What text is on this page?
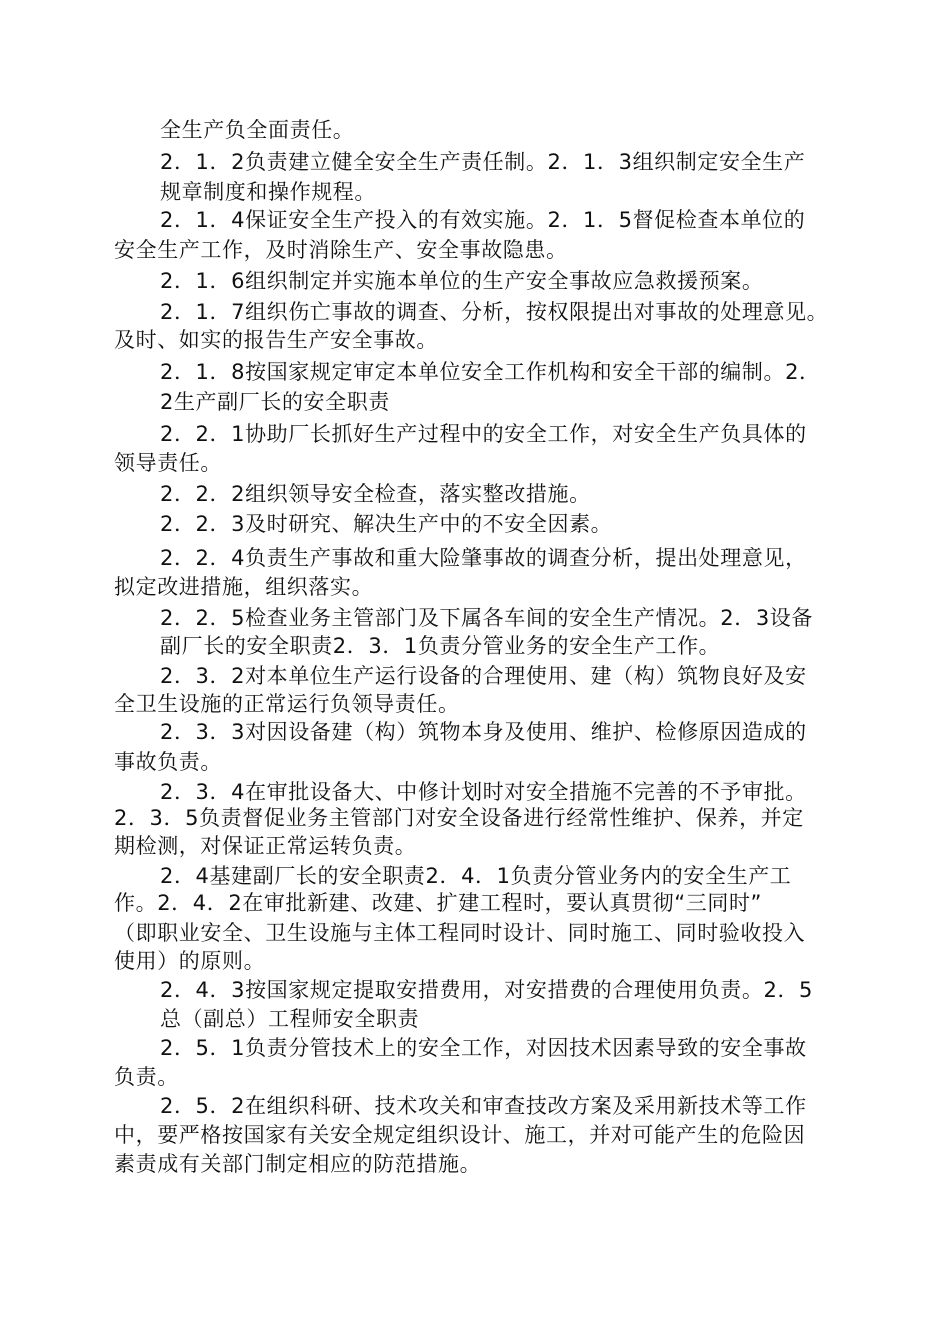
全生产负全面责任。
2．1．2负责建立健全安全生产责任制。2．1．3组织制定安全生产
规章制度和操作规程。
2．1．4保证安全生产投入的有效实施。2．1．5督促检查本单位的
安全生产工作，及时消除生产、安全事故隐患。
2．1．6组织制定并实施本单位的生产安全事故应急救援预案。
2．1．7组织伤亡事故的调查、分析，按权限提出对事故的处理意见。
及时、如实的报告生产安全事故。
2．1．8按国家规定审定本单位安全工作机构和安全干部的编制。2．
2生产副厂长的安全职责
2．2．1协助厂长抓好生产过程中的安全工作，对安全生产负具体的
领导责任。
2．2．2组织领导安全检查，落实整改措施。
2．2．3及时研究、解决生产中的不安全因素。
2．2．4负责生产事故和重大险肇事故的调查分析，提出处理意见，
拟定改进措施，组织落实。
2．2．5检查业务主管部门及下属各车间的安全生产情况。2．3设备
副厂长的安全职责2．3．1负责分管业务的安全生产工作。
2．3．2对本单位生产运行设备的合理使用、建（构）筑物良好及安
全卫生设施的正常运行负领导责任。
2．3．3对因设备建（构）筑物本身及使用、维护、检修原因造成的
事故负责。
2．3．4在审批设备大、中修计划时对安全措施不完善的不予审批。
2．3．5负责督促业务主管部门对安全设备进行经常性维护、保养，并定
期检测，对保证正常运转负责。
2．4基建副厂长的安全职责2．4．1负责分管业务内的安全生产工
作。2．4．2在审批新建、改建、扩建工程时，要认真贯彻“三同时”
（即职业安全、卫生设施与主体工程同时设计、同时施工、同时验收投入
使用）的原则。
2．4．3按国家规定提取安措费用，对安措费的合理使用负责。2．5
总（副总）工程师安全职责
2．5．1负责分管技术上的安全工作，对因技术因素导致的安全事故
负责。
2．5．2在组织科研、技术攻关和审查技改方案及采用新技术等工作
中，要严格按国家有关安全规定组织设计、施工，并对可能产生的危险因
素责成有关部门制定相应的防范措施。
